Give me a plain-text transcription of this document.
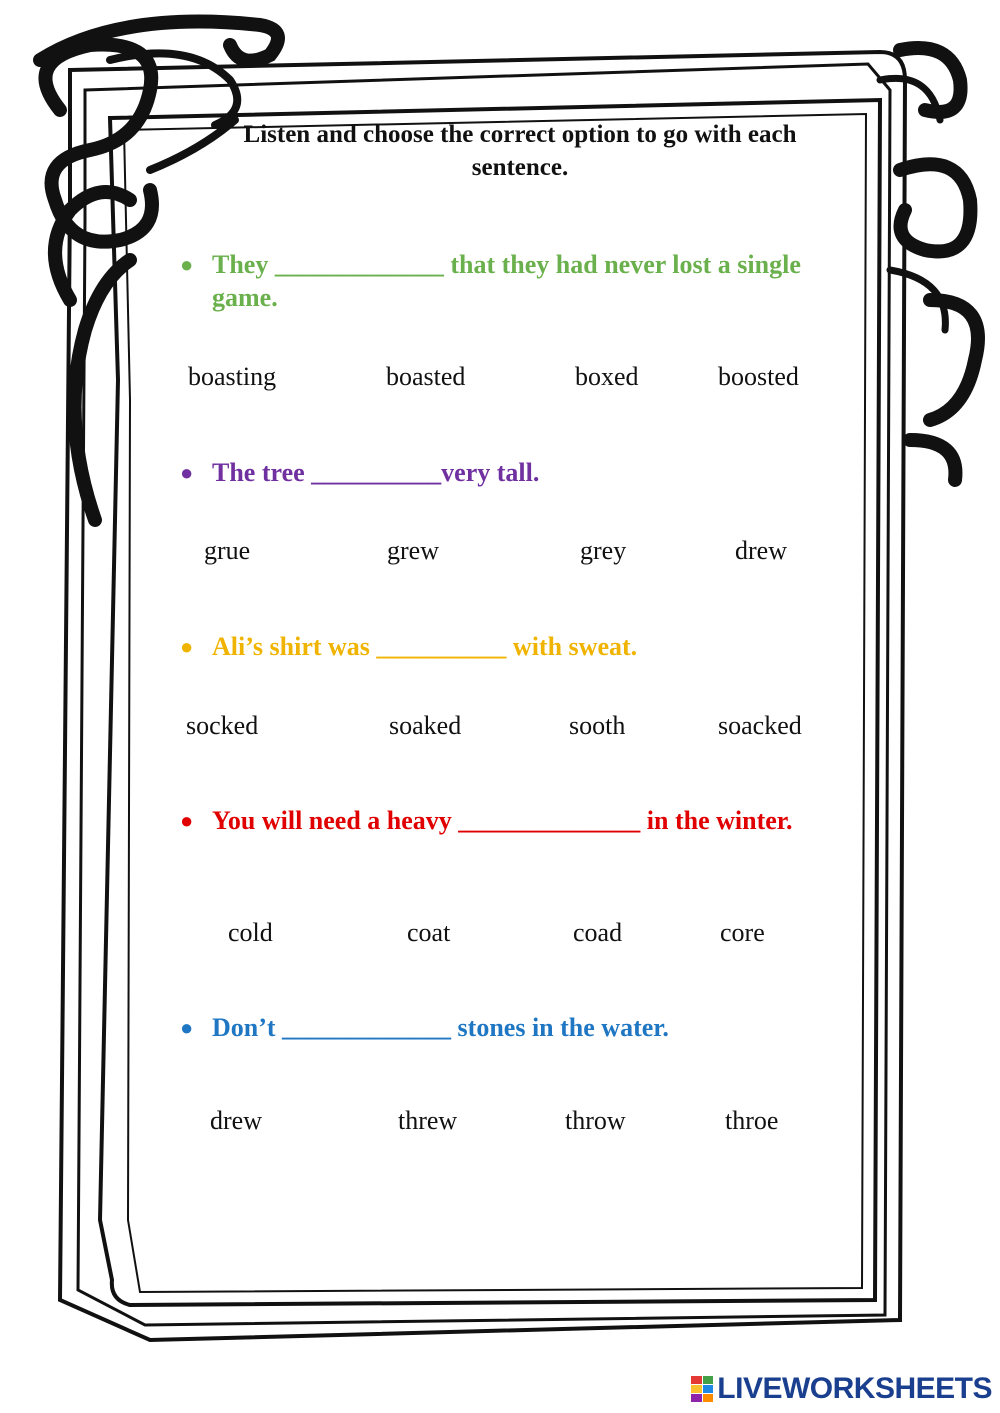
Listen and choose the correct option to go with each sentence.
● They _____________ that they had never lost a single game.
boasting	boasted	boxed	boosted
● The tree __________very tall.
grue	grew	grey	drew
● Ali’s shirt was __________ with sweat.
socked	soaked	sooth	soacked
● You will need a heavy ______________ in the winter.
cold	coat	coad	core
● Don’t _____________ stones in the water.
drew	threw	throw	throe
LIVEWORKSHEETS
